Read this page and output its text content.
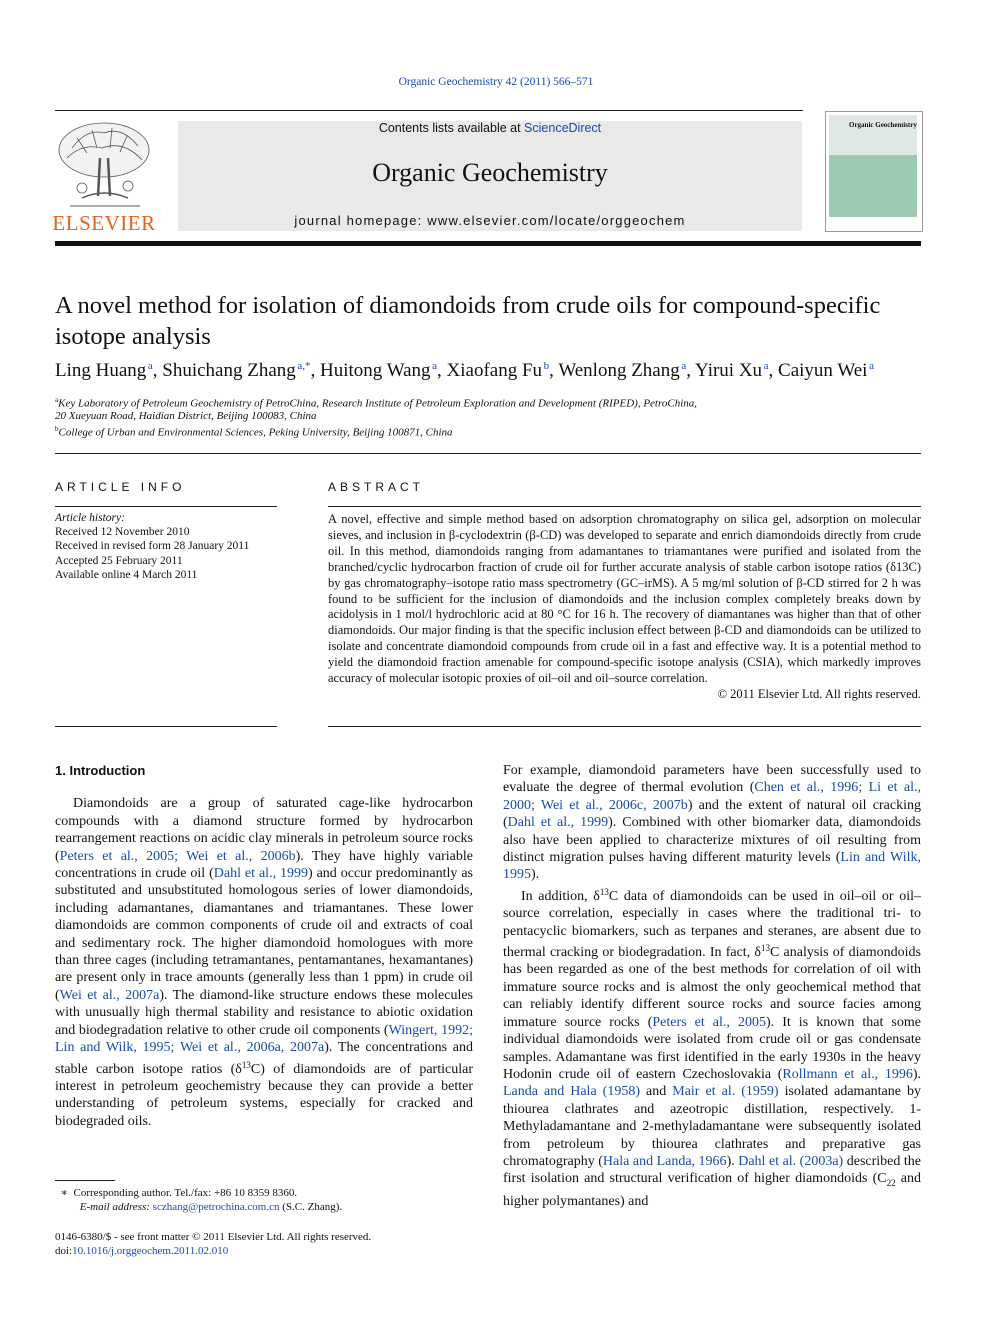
Organic Geochemistry 42 (2011) 566–571
ELSEVIER
Contents lists available at ScienceDirect
Organic Geochemistry
journal homepage: www.elsevier.com/locate/orggeochem
Organic Geochemistry
A novel method for isolation of diamondoids from crude oils for compound-specific isotope analysis
Ling Huang  $^a$, Shuichang Zhang  $^{a,*}$, Huitong Wang  $^a$, Xiaofang Fu  $^b$, Wenlong Zhang  $^a$, Yirui Xu  $^a$, Caiyun Wei  $^a$
$^a$Key Laboratory of Petroleum Geochemistry of PetroChina, Research Institute of Petroleum Exploration and Development (RIPED), PetroChina,
20 Xueyuan Road, Haidian District, Beijing 100083, China
$^b$College of Urban and Environmental Sciences, Peking University, Beijing 100871, China
ARTICLE INFO	ABSTRACT
Article history:
Received 12 November 2010
Received in revised form 28 January 2011
Accepted 25 February 2011
Available online 4 March 2011
A novel, effective and simple method based on adsorption chromatography on silica gel, adsorption on molecular sieves, and inclusion in β-cyclodextrin (β-CD) was developed to separate and enrich diamondoids directly from crude oil. In this method, diamondoids ranging from adamantanes to triamantanes were purified and isolated from the branched/cyclic hydrocarbon fraction of crude oil for further accurate analysis of stable carbon isotope ratios (δ13C) by gas chromatography–isotope ratio mass spectrometry (GC–irMS). A 5 mg/ml solution of β-CD stirred for 2 h was found to be sufficient for the inclusion of diamondoids and the inclusion complex completely breaks down by acidolysis in 1 mol/l hydrochloric acid at 80 °C for 16 h. The recovery of diamantanes was higher than that of other diamondoids. Our major finding is that the specific inclusion effect between β-CD and diamondoids can be utilized to isolate and concentrate diamondoid compounds from crude oil in a fast and effective way. It is a potential method to yield the diamondoid fraction amenable for compound-specific isotope analysis (CSIA), which markedly improves accuracy of molecular isotopic proxies of oil–oil and oil–source correlation.
© 2011 Elsevier Ltd. All rights reserved.

1. Introduction

Diamondoids are a group of saturated cage-like hydrocarbon compounds with a diamond structure formed by hydrocarbon rearrangement reactions on acidic clay minerals in petroleum source rocks (Peters et al., 2005; Wei et al., 2006b). They have highly variable concentrations in crude oil (Dahl et al., 1999) and occur predominantly as substituted and unsubstituted homologous series of lower diamondoids, including adamantanes, diamantanes and triamantanes. These lower diamondoids are common components of crude oil and extracts of coal and sedimentary rock. The higher diamondoid homologues with more than three cages (including tetramantanes, pentamantanes, hexamantanes) are present only in trace amounts (generally less than 1 ppm) in crude oil (Wei et al., 2007a). The diamond-like structure endows these molecules with unusually high thermal stability and resistance to abiotic oxidation and biodegradation relative to other crude oil components (Wingert, 1992; Lin and Wilk, 1995; Wei et al., 2006a, 2007a). The concentrations and stable carbon isotope ratios $(\delta^{13}C)$ of diamondoids are of particular interest in petroleum geochemistry because they can provide a better understanding of petroleum systems, especially for cracked and biodegraded oils.

For example, diamondoid parameters have been successfully used to evaluate the degree of thermal evolution (Chen et al., 1996; Li et al., 2000; Wei et al., 2006c, 2007b) and the extent of natural oil cracking (Dahl et al., 1999). Combined with other biomarker data, diamondoids also have been applied to characterize mixtures of oil resulting from distinct migration pulses having different maturity levels (Lin and Wilk, 1995).

In addition, $\delta^{13}C$ data of diamondoids can be used in oil–oil or oil–source correlation, especially in cases where the traditional tri- to pentacyclic biomarkers, such as terpanes and steranes, are absent due to thermal cracking or biodegradation. In fact, $\delta^{13}C$ analysis of diamondoids has been regarded as one of the best methods for correlation of oil with immature source rocks and is almost the only geochemical method that can reliably identify different source rocks and source facies among immature source rocks (Peters et al., 2005). It is known that some individual diamondoids were isolated from crude oil or gas condensate samples. Adamantane was first identified in the early 1930s in the heavy Hodonin crude oil of eastern Czechoslovakia (Rollmann et al., 1996). Landa and Hala (1958) and Mair et al. (1959) isolated adamantane by thiourea clathrates and azeotropic distillation, respectively. 1-Methyladamantane and 2-methyladamantane were subsequently isolated from petroleum by thiourea clathrates and preparative gas chromatography (Hala and Landa, 1966). Dahl et al. (2003a) described the first isolation and structural verification of higher diamondoids ($C_{22}$ and higher polymantanes) and

∗  Corresponding author. Tel./fax: +86 10 8359 8360.
E-mail address: sczhang@petrochina.com.cn (S.C. Zhang).
0146-6380/$ - see front matter © 2011 Elsevier Ltd. All rights reserved.
doi:10.1016/j.orggeochem.2011.02.010
